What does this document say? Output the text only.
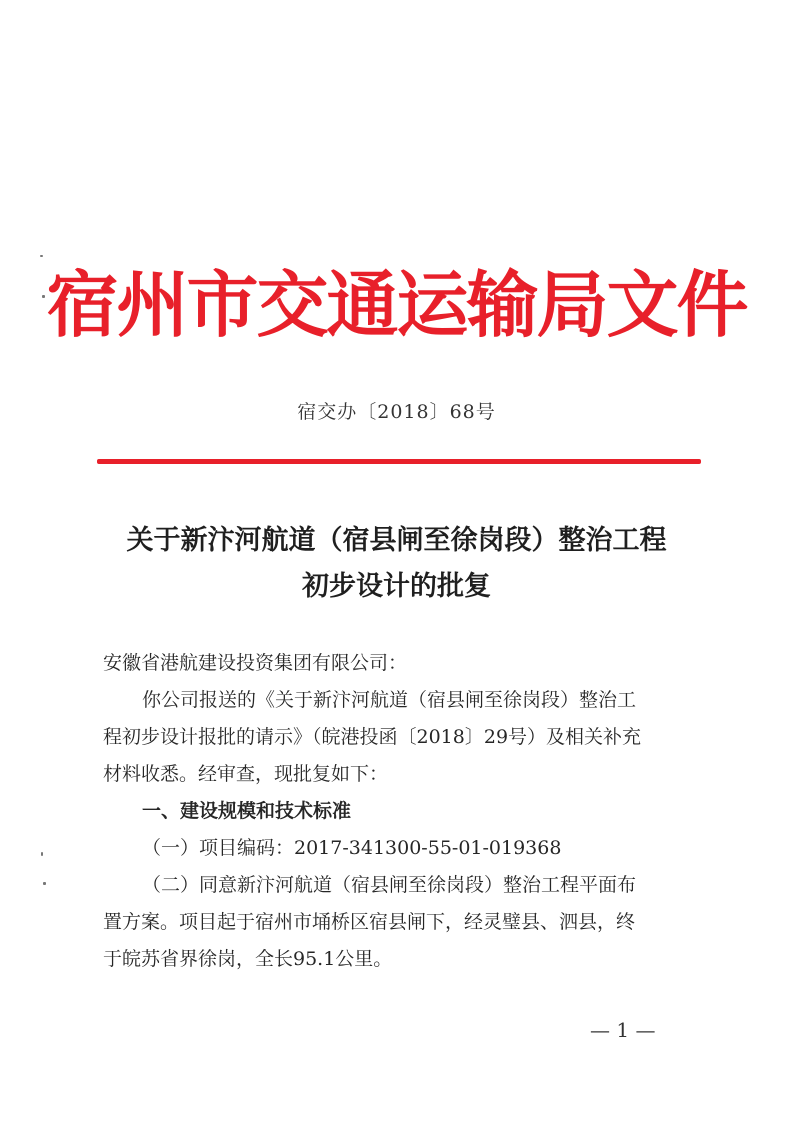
宿州市交通运输局文件
宿交办〔2018〕68号
关于新汴河航道（宿县闸至徐岗段）整治工程
初步设计的批复

安徽省港航建设投资集团有限公司：

你公司报送的《关于新汴河航道（宿县闸至徐岗段）整治工

程初步设计报批的请示》（皖港投函〔2018〕29号）及相关补充

材料收悉。经审查，现批复如下：

一、建设规模和技术标准

（一）项目编码：2017-341300-55-01-019368

（二）同意新汴河航道（宿县闸至徐岗段）整治工程平面布

置方案。项目起于宿州市埇桥区宿县闸下，经灵璧县、泗县，终

于皖苏省界徐岗，全长95.1公里。

— 1 —
